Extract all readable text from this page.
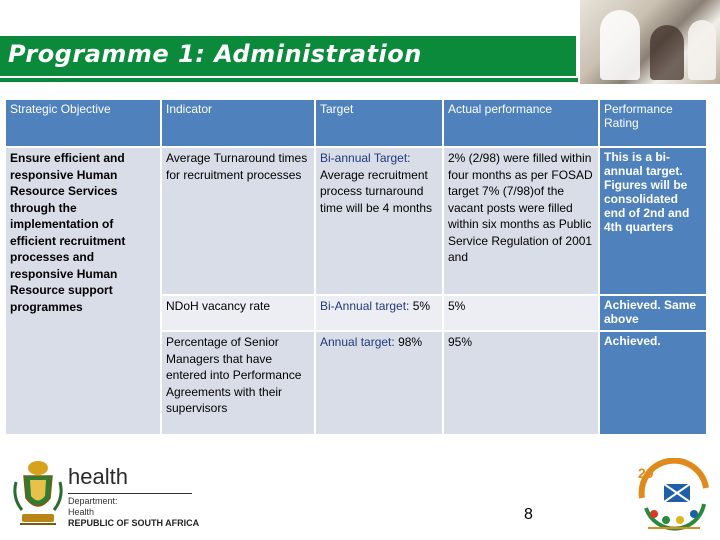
Programme 1: Administration
Strategic Objective	Indicator	Target	Actual performance	Performance Rating
Ensure efficient and responsive Human Resource Services through the implementation of efficient recruitment processes and responsive Human Resource support programmes	Average Turnaround times for recruitment processes	Bi-annual Target: Average recruitment process turnaround time will be 4 months	2% (2/98) were filled within four months as per FOSAD target 7% (7/98)of the vacant posts were filled within six months as Public Service Regulation of 2001 and	This is a bi-annual target. Figures will be consolidated end of 2nd and 4th quarters
	NDoH vacancy rate	Bi-Annual target: 5%	5%	Achieved. Same above
	Percentage of Senior Managers that have entered into Performance Agreements with their supervisors	Annual target: 98%	95%	Achieved.
health
Department:
Health
REPUBLIC OF SOUTH AFRICA	8
20
